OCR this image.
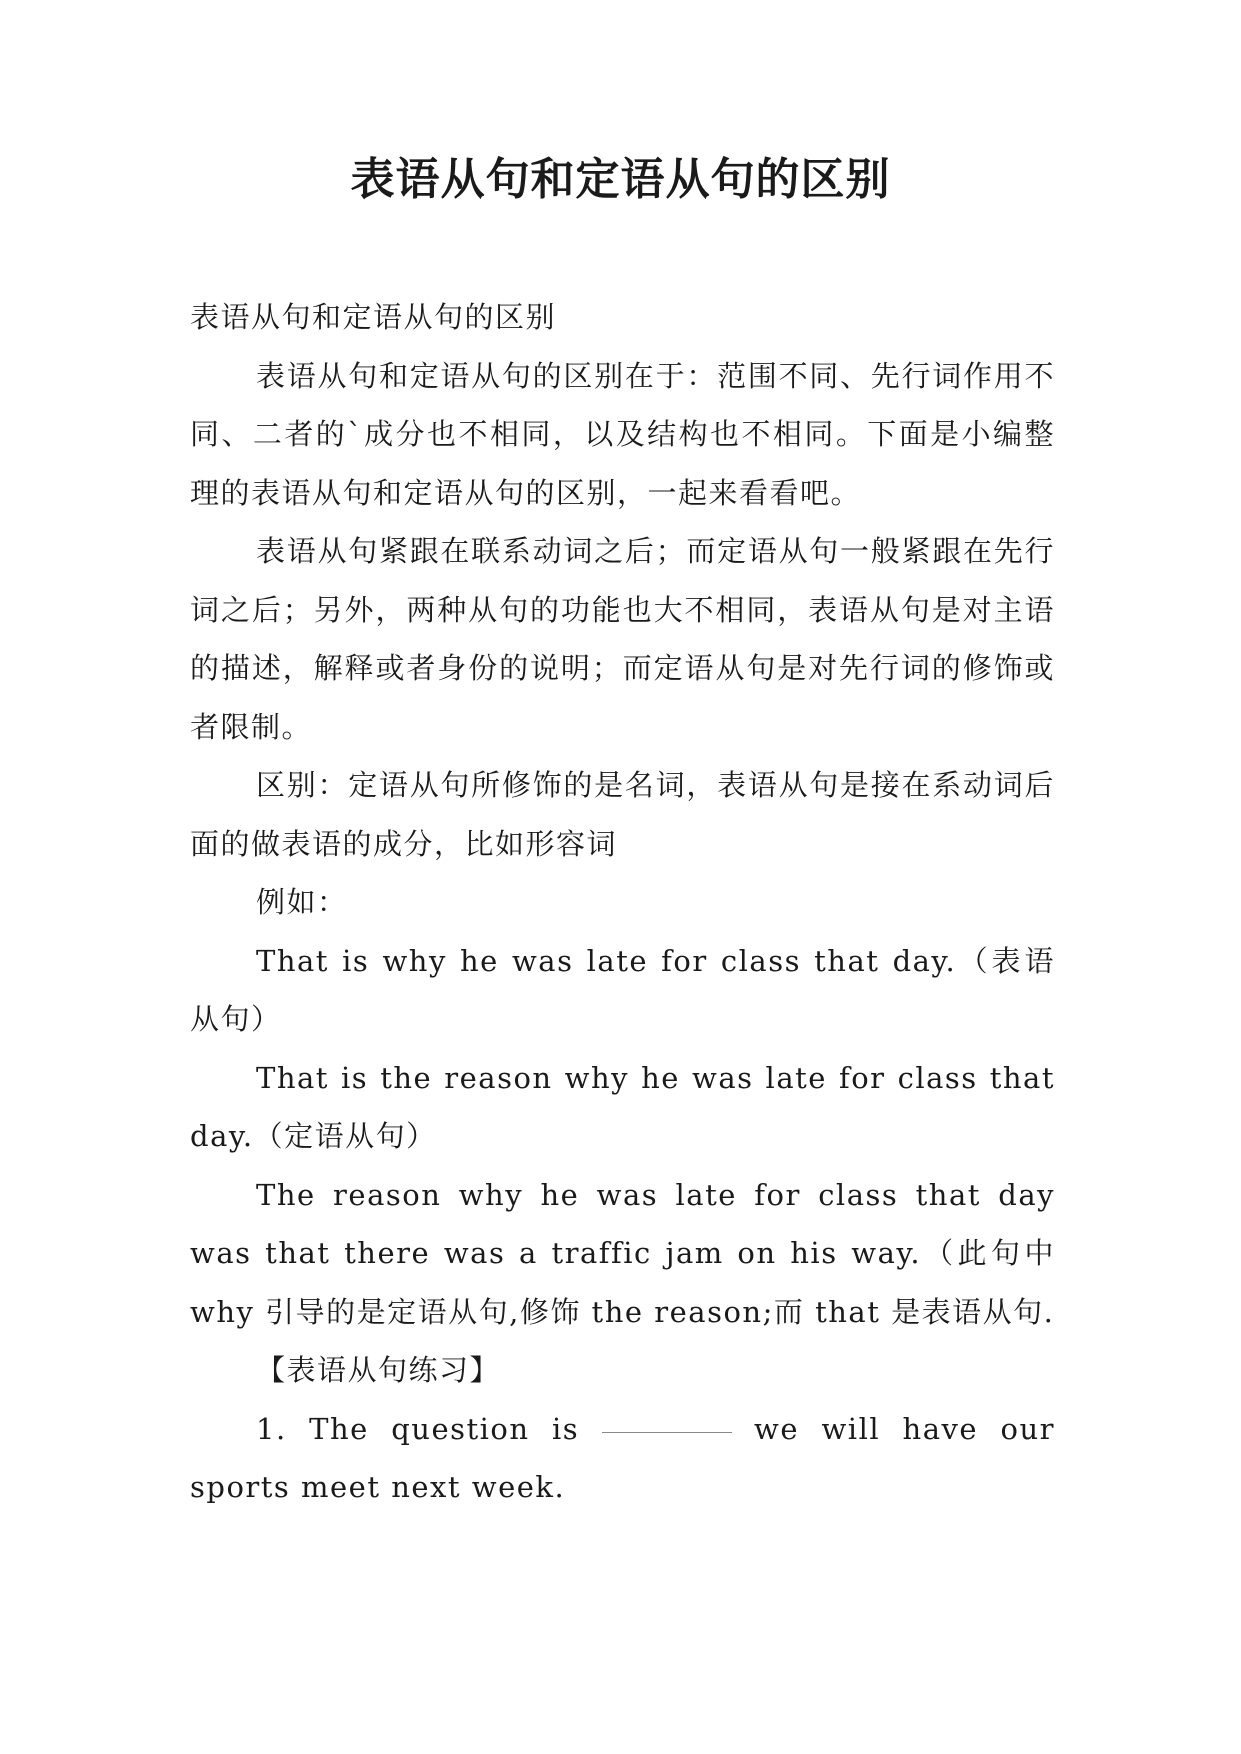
表语从句和定语从句的区别

表语从句和定语从句的区别

表语从句和定语从句的区别在于：范围不同、先行词作用不同、二者的`成分也不相同，以及结构也不相同。下面是小编整理的表语从句和定语从句的区别，一起来看看吧。

表语从句紧跟在联系动词之后；而定语从句一般紧跟在先行词之后；另外，两种从句的功能也大不相同，表语从句是对主语的描述，解释或者身份的说明；而定语从句是对先行词的修饰或者限制。

区别：定语从句所修饰的是名词，表语从句是接在系动词后面的做表语的成分，比如形容词

例如：

That is why he was late for class that day.（表语从句）

That is the reason why he was late for class that day.（定语从句）

The reason why he was late for class that day was that there was a traffic jam on his way.（此句中 why 引导的是定语从句,修饰 the reason;而 that 是表语从句.

【表语从句练习】

1. The question is	we will have our sports meet next week.
